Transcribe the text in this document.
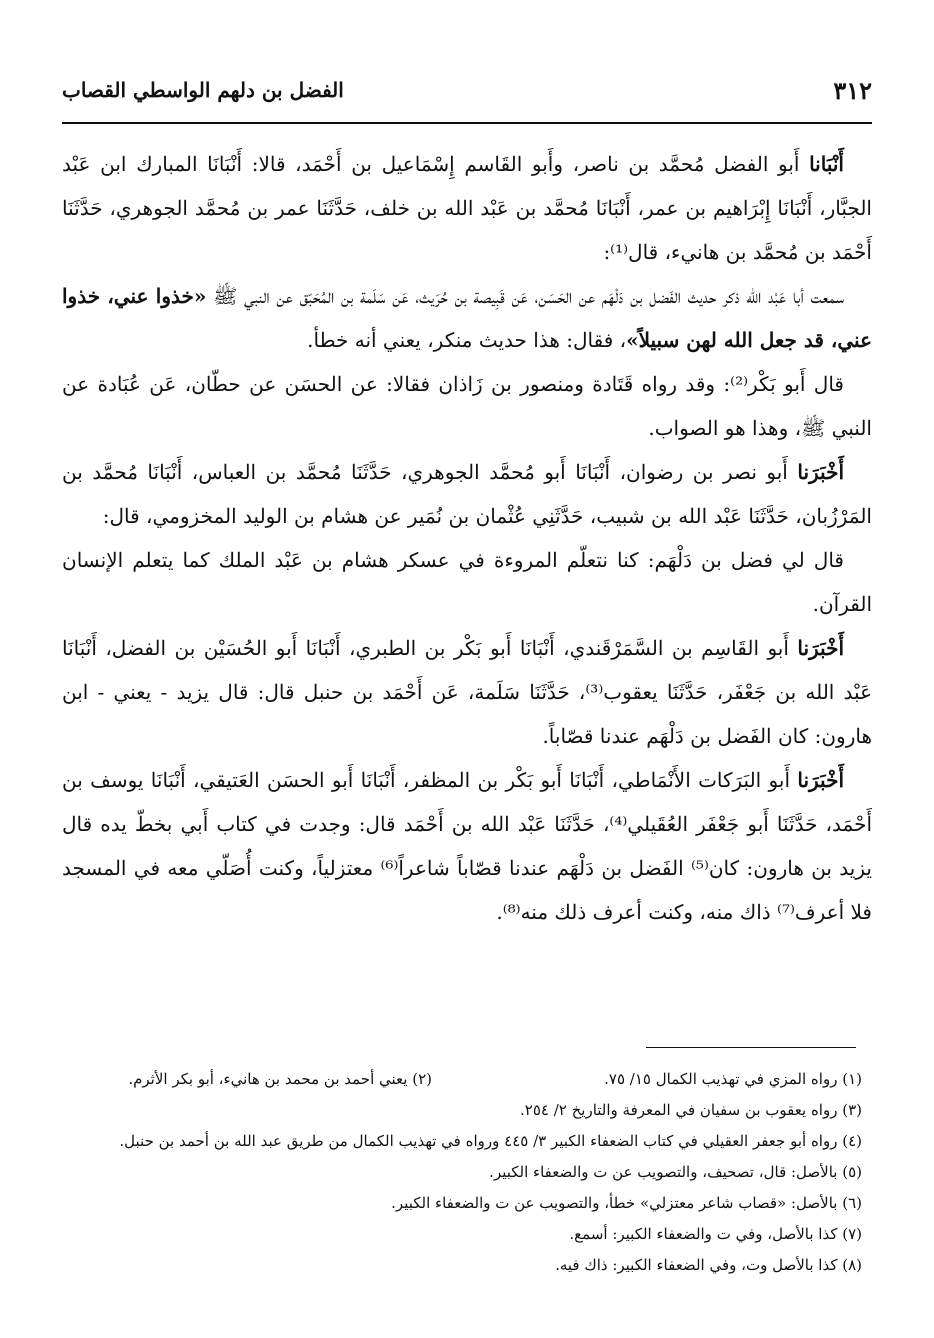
٣١٢
الفضل بن دلهم الواسطي القصاب

أَنْبَانا أَبو الفضل مُحمَّد بن ناصر، وأَبو القَاسم إِسْمَاعيل بن أَحْمَد، قالا: أَنْبَانَا المبارك ابن عَبْد الجبَّار، أَنْبَانَا إِبْرَاهيم بن عمر، أَنْبَانَا مُحمَّد بن عَبْد الله بن خلف، حَدَّثَنَا عمر بن مُحمَّد الجوهري، حَدَّثَنَا أَحْمَد بن مُحمَّد بن هانيء، قال⁽¹⁾:

سمعت أبا عَبْد الله ذكر حديث الفَضل بن دَلْهَم عن الحَسَن، عَن قَبِيصة بن حُرَيث، عَن سَلَمة بن المُحَبّق عن النبي ﷺ «خذوا عني، خذوا عني، قد جعل الله لهن سبيلاً»، فقال: هذا حديث منكر، يعني أنه خطأ.

قال أَبو بَكْر⁽²⁾: وقد رواه قَتَادة ومنصور بن زَاذان فقالا: عن الحسَن عن حطّان، عَن عُبَادة عن النبي ﷺ، وهذا هو الصواب.

أَخْبَرَنا أَبو نصر بن رضوان، أَنْبَانَا أَبو مُحمَّد الجوهري، حَدَّثَنَا مُحمَّد بن العباس، أَنْبَانَا مُحمَّد بن المَرْزُبان، حَدَّثَنَا عَبْد الله بن شبيب، حَدَّثَنِي عُثْمان بن نُمَير عن هشام بن الوليد المخزومي، قال:

قال لي فضل بن دَلْهَم: كنا نتعلّم المروءة في عسكر هشام بن عَبْد الملك كما يتعلم الإنسان القرآن.

أَخْبَرَنا أَبو القَاسِم بن السَّمَرْقَندي، أَنْبَانَا أَبو بَكْر بن الطبري، أَنْبَانَا أَبو الحُسَيْن بن الفضل، أَنْبَانَا عَبْد الله بن جَعْفَر، حَدَّثَنَا يعقوب⁽³⁾، حَدَّثَنَا سَلَمة، عَن أَحْمَد بن حنبل قال: قال يزيد - يعني - ابن هارون: كان الفَضل بن دَلْهَم عندنا قصّاباً.

أَخْبَرَنا أَبو البَرَكات الأَنْمَاطي، أَنْبَانَا أَبو بَكْر بن المظفر، أَنْبَانَا أَبو الحسَن العَتيقي، أَنْبَانَا يوسف بن أَحْمَد، حَدَّثَنَا أَبو جَعْفَر العُقَيلي⁽⁴⁾، حَدَّثَنَا عَبْد الله بن أَحْمَد قال: وجدت في كتاب أَبي بخطّ يده قال يزيد بن هارون: كان⁽⁵⁾ الفَضل بن دَلْهَم عندنا قصّاباً شاعراً⁽⁶⁾ معتزلياً، وكنت أُصَلّي معه في المسجد فلا أعرف⁽⁷⁾ ذاك منه، وكنت أعرف ذلك منه⁽⁸⁾.

(١) رواه المزي في تهذيب الكمال ١٥/ ٧٥.
(٢) يعني أحمد بن محمد بن هانيء، أبو بكر الأثرم.
(٣) رواه يعقوب بن سفيان في المعرفة والتاريخ ٢/ ٢٥٤.
(٤) رواه أبو جعفر العقيلي في كتاب الضعفاء الكبير ٣/ ٤٤٥ ورواه في تهذيب الكمال من طريق عبد الله بن أحمد بن حنبل.
(٥) بالأصل: قال، تصحيف، والتصويب عن ت والضعفاء الكبير.
(٦) بالأصل: «قصاب شاعر معتزلي» خطأ، والتصويب عن ت والضعفاء الكبير.
(٧) كذا بالأصل، وفي ت والضعفاء الكبير: أسمع.
(٨) كذا بالأصل وت، وفي الضعفاء الكبير: ذاك فيه.
